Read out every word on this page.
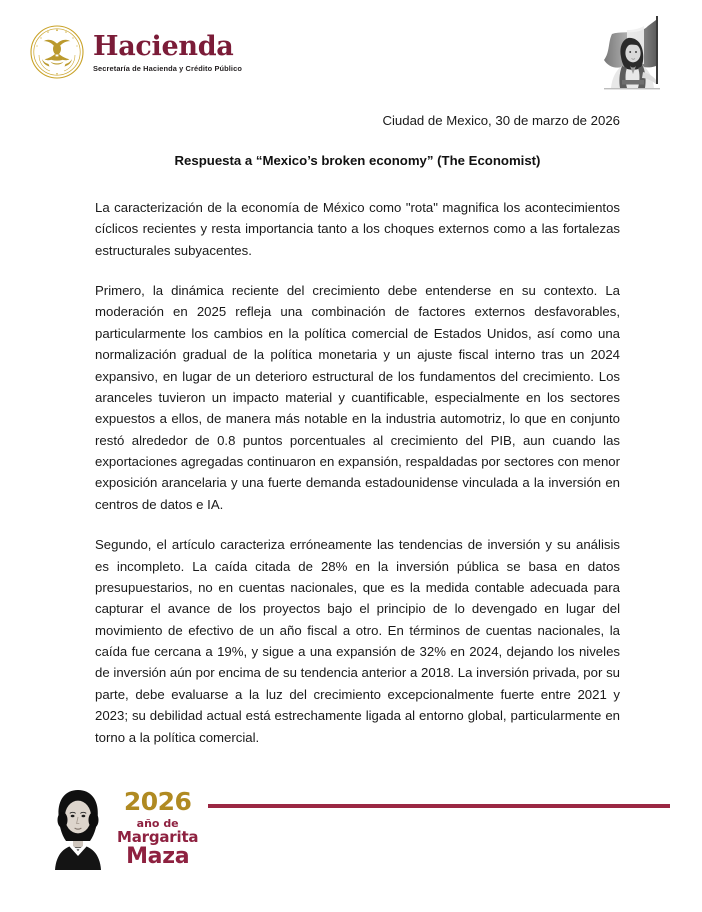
Hacienda
Secretaría de Hacienda y Crédito Público

Ciudad de Mexico, 30 de marzo de 2026

Respuesta a “Mexico’s broken economy” (The Economist)

La caracterización de la economía de México como "rota" magnifica los acontecimientos cíclicos recientes y resta importancia tanto a los choques externos como a las fortalezas estructurales subyacentes.

Primero, la dinámica reciente del crecimiento debe entenderse en su contexto. La moderación en 2025 refleja una combinación de factores externos desfavorables, particularmente los cambios en la política comercial de Estados Unidos, así como una normalización gradual de la política monetaria y un ajuste fiscal interno tras un 2024 expansivo, en lugar de un deterioro estructural de los fundamentos del crecimiento. Los aranceles tuvieron un impacto material y cuantificable, especialmente en los sectores expuestos a ellos, de manera más notable en la industria automotriz, lo que en conjunto restó alrededor de 0.8 puntos porcentuales al crecimiento del PIB, aun cuando las exportaciones agregadas continuaron en expansión, respaldadas por sectores con menor exposición arancelaria y una fuerte demanda estadounidense vinculada a la inversión en centros de datos e IA.

Segundo, el artículo caracteriza erróneamente las tendencias de inversión y su análisis es incompleto. La caída citada de 28% en la inversión pública se basa en datos presupuestarios, no en cuentas nacionales, que es la medida contable adecuada para capturar el avance de los proyectos bajo el principio de lo devengado en lugar del movimiento de efectivo de un año fiscal a otro. En términos de cuentas nacionales, la caída fue cercana a 19%, y sigue a una expansión de 32% en 2024, dejando los niveles de inversión aún por encima de su tendencia anterior a 2018. La inversión privada, por su parte, debe evaluarse a la luz del crecimiento excepcionalmente fuerte entre 2021 y 2023; su debilidad actual está estrechamente ligada al entorno global, particularmente en torno a la política comercial.

2026
año de
Margarita
Maza
